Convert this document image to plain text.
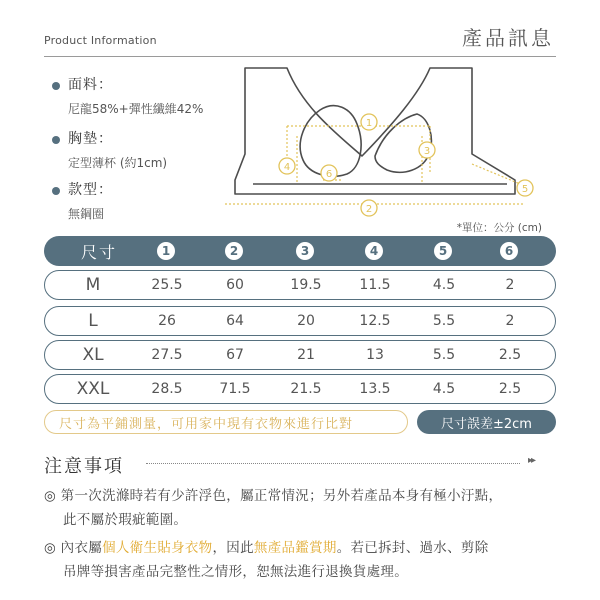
Product Information	產品訊息
面料：
尼龍58%+彈性纖維42%
胸墊：
定型薄杯 (約1cm)
款型：
無鋼圈
1
2
3
4
5
6
*單位：公分 (cm)
尺寸	1	2	3	4	5	6
M	25.5	60	19.5	11.5	4.5	2
L	26	64	20	12.5	5.5	2
XL	27.5	67	21	13	5.5	2.5
XXL	28.5	71.5	21.5	13.5	4.5	2.5
尺寸為平鋪測量，可用家中現有衣物來進行比對	尺寸誤差±2cm
注意事項	▸▸
◎ 第一次洗滌時若有少許浮色，屬正常情況；另外若產品本身有極小汙點，
此不屬於瑕疵範圍。
◎ 內衣屬個人衛生貼身衣物，因此無產品鑑賞期。若已拆封、過水、剪除
吊牌等損害產品完整性之情形，恕無法進行退換貨處理。
